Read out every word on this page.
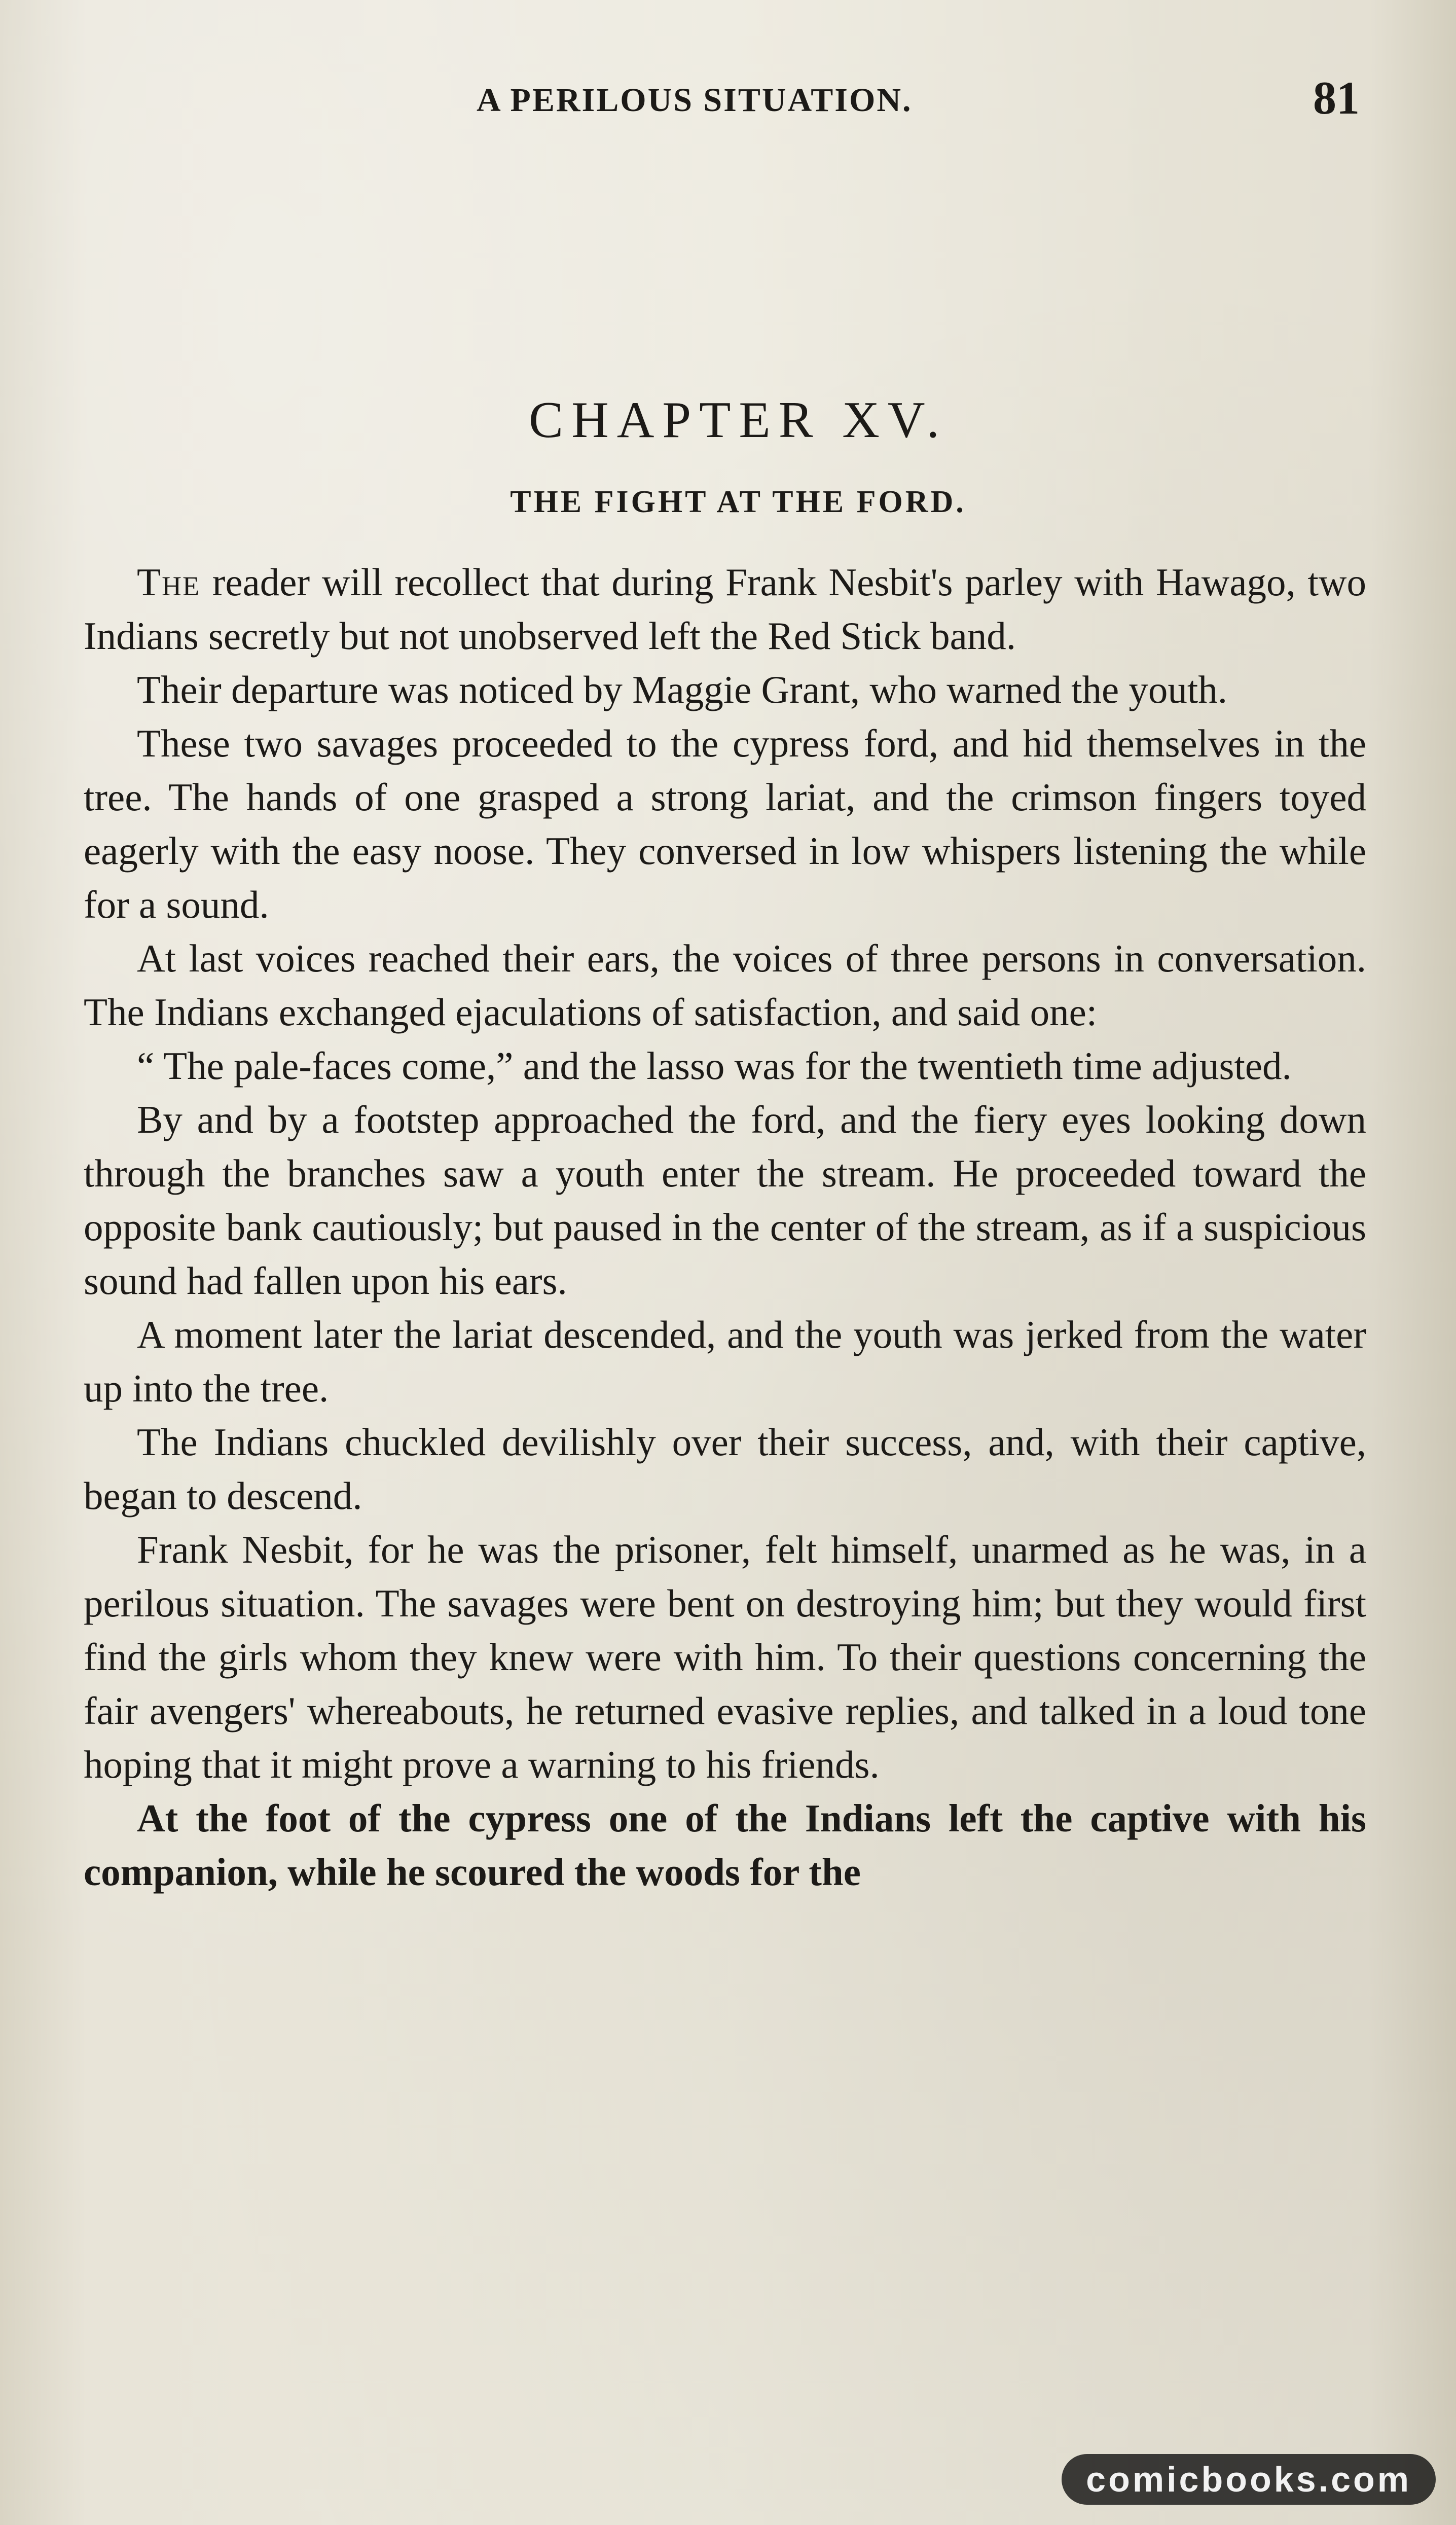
A PERILOUS SITUATION.	81
CHAPTER XV.
THE FIGHT AT THE FORD.

The reader will recollect that during Frank Nesbit's parley with Hawago, two Indians secretly but not unobserved left the Red Stick band.

Their departure was noticed by Maggie Grant, who warned the youth.

These two savages proceeded to the cypress ford, and hid themselves in the tree. The hands of one grasped a strong lariat, and the crimson fingers toyed eagerly with the easy noose. They conversed in low whispers listening the while for a sound.

At last voices reached their ears, the voices of three persons in conversation. The Indians exchanged ejaculations of satisfaction, and said one:

“ The pale-faces come,” and the lasso was for the twentieth time adjusted.

By and by a footstep approached the ford, and the fiery eyes looking down through the branches saw a youth enter the stream. He proceeded toward the opposite bank cautiously; but paused in the center of the stream, as if a suspicious sound had fallen upon his ears.

A moment later the lariat descended, and the youth was jerked from the water up into the tree.

The Indians chuckled devilishly over their success, and, with their captive, began to descend.

Frank Nesbit, for he was the prisoner, felt himself, unarmed as he was, in a perilous situation. The savages were bent on destroying him; but they would first find the girls whom they knew were with him. To their questions concerning the fair avengers' whereabouts, he returned evasive replies, and talked in a loud tone hoping that it might prove a warning to his friends.

At the foot of the cypress one of the Indians left the captive with his companion, while he scoured the woods for the

comicbooks.com
